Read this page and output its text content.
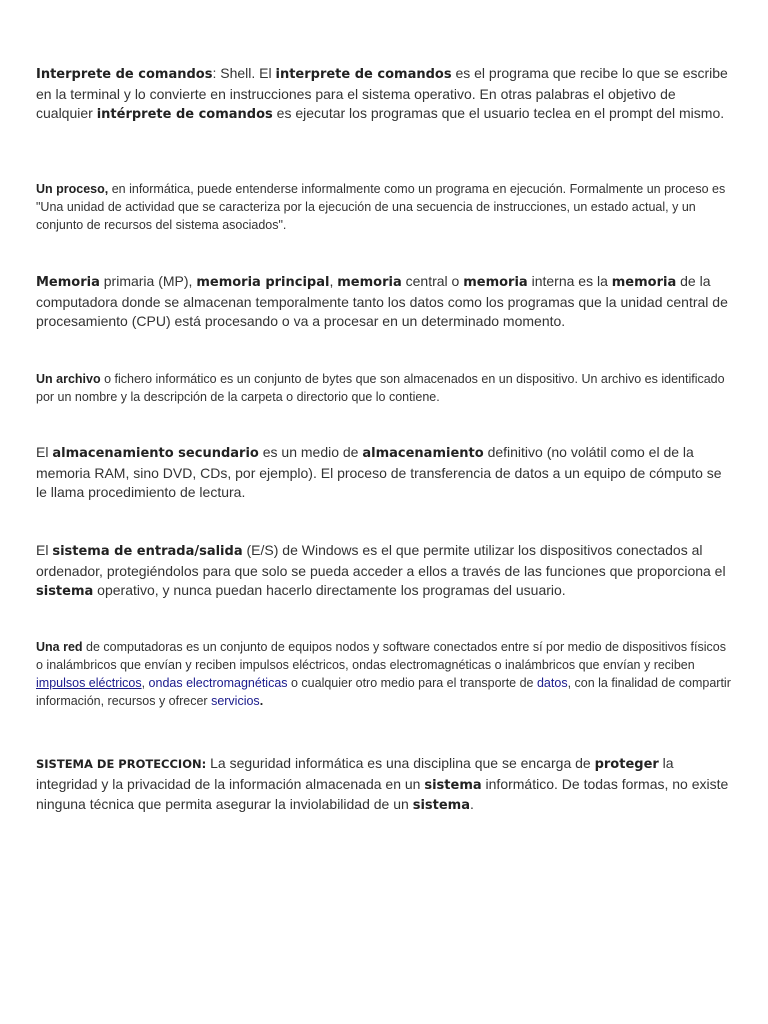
Interprete de comandos: Shell. El interprete de comandos es el programa que recibe lo que se escribe en la terminal y lo convierte en instrucciones para el sistema operativo. En otras palabras el objetivo de cualquier intérprete de comandos es ejecutar los programas que el usuario teclea en el prompt del mismo.

Un proceso, en informática, puede entenderse informalmente como un programa en ejecución. Formalmente un proceso es "Una unidad de actividad que se caracteriza por la ejecución de una secuencia de instrucciones, un estado actual, y un conjunto de recursos del sistema asociados".

Memoria primaria (MP), memoria principal, memoria central o memoria interna es la memoria de la computadora donde se almacenan temporalmente tanto los datos como los programas que la unidad central de procesamiento (CPU) está procesando o va a procesar en un determinado momento.

Un archivo o fichero informático es un conjunto de bytes que son almacenados en un dispositivo. Un archivo es identificado por un nombre y la descripción de la carpeta o directorio que lo contiene.

El almacenamiento secundario es un medio de almacenamiento definitivo (no volátil como el de la memoria RAM, sino DVD, CDs, por ejemplo). El proceso de transferencia de datos a un equipo de cómputo se le llama procedimiento de lectura.

El sistema de entrada/salida (E/S) de Windows es el que permite utilizar los dispositivos conectados al ordenador, protegiéndolos para que solo se pueda acceder a ellos a través de las funciones que proporciona el sistema operativo, y nunca puedan hacerlo directamente los programas del usuario.

Una red de computadoras es un conjunto de equipos nodos y software conectados entre sí por medio de dispositivos físicos o inalámbricos que envían y reciben impulsos eléctricos, ondas electromagnéticas o inalámbricos que envían y reciben impulsos eléctricos, ondas electromagnéticas o cualquier otro medio para el transporte de datos, con la finalidad de compartir información, recursos y ofrecer servicios.

SISTEMA DE PROTECCION: La seguridad informática es una disciplina que se encarga de proteger la integridad y la privacidad de la información almacenada en un sistema informático. De todas formas, no existe ninguna técnica que permita asegurar la inviolabilidad de un sistema.
